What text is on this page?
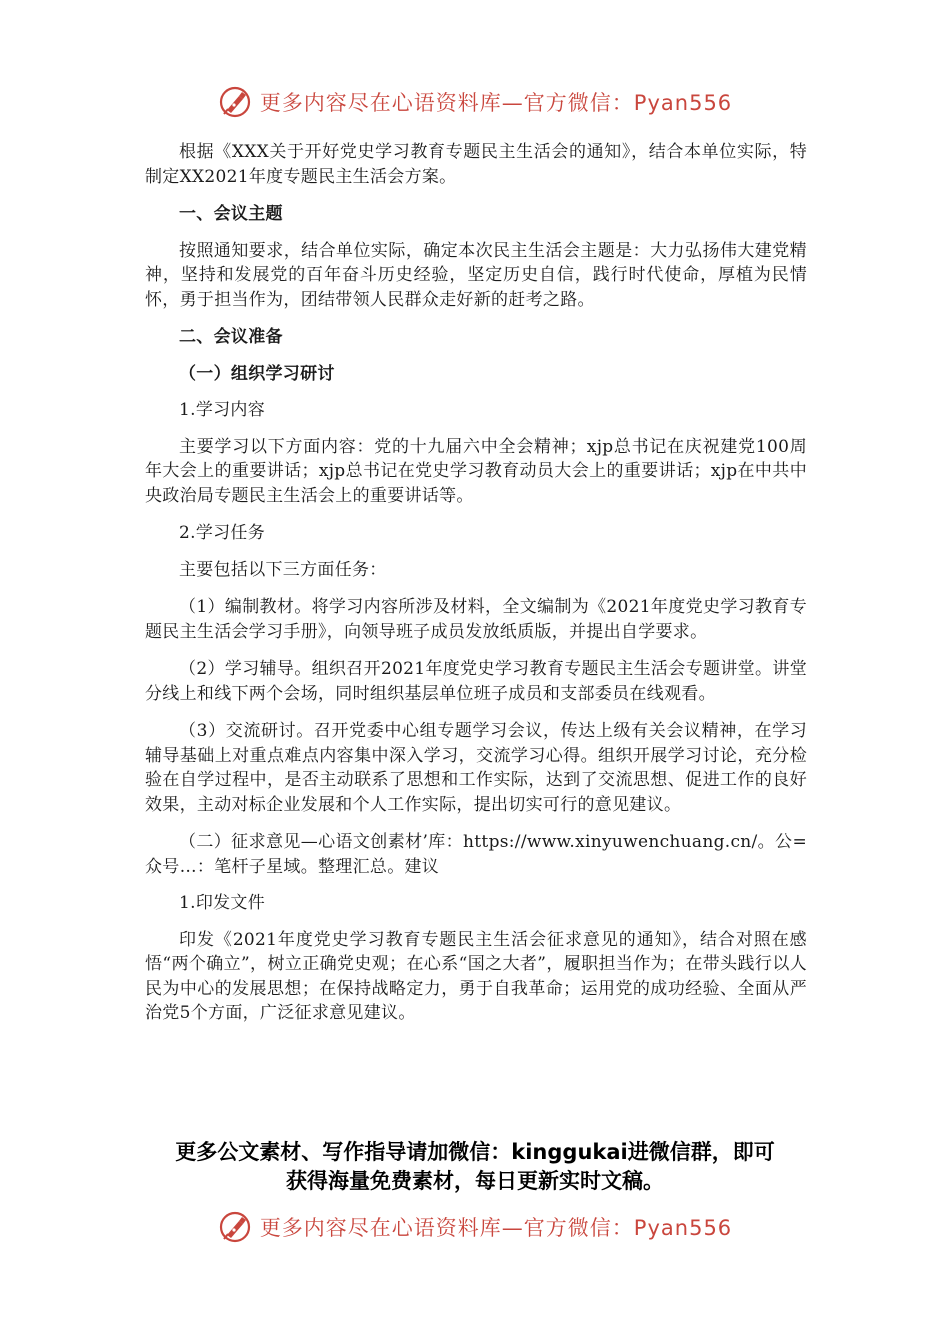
更多内容尽在心语资料库—官方微信：Pyan556

根据《XXX关于开好党史学习教育专题民主生活会的通知》，结合本单位实际，特制定XX2021年度专题民主生活会方案。

一、会议主题

按照通知要求，结合单位实际，确定本次民主生活会主题是：大力弘扬伟大建党精神，坚持和发展党的百年奋斗历史经验，坚定历史自信，践行时代使命，厚植为民情怀，勇于担当作为，团结带领人民群众走好新的赶考之路。

二、会议准备

（一）组织学习研讨

1.学习内容

主要学习以下方面内容：党的十九届六中全会精神；xjp总书记在庆祝建党100周年大会上的重要讲话；xjp总书记在党史学习教育动员大会上的重要讲话；xjp在中共中央政治局专题民主生活会上的重要讲话等。

2.学习任务

主要包括以下三方面任务：

（1）编制教材。将学习内容所涉及材料，全文编制为《2021年度党史学习教育专题民主生活会学习手册》，向领导班子成员发放纸质版，并提出自学要求。

（2）学习辅导。组织召开2021年度党史学习教育专题民主生活会专题讲堂。讲堂分线上和线下两个会场，同时组织基层单位班子成员和支部委员在线观看。

（3）交流研讨。召开党委中心组专题学习会议，传达上级有关会议精神，在学习辅导基础上对重点难点内容集中深入学习，交流学习心得。组织开展学习讨论，充分检验在自学过程中，是否主动联系了思想和工作实际，达到了交流思想、促进工作的良好效果，主动对标企业发展和个人工作实际，提出切实可行的意见建议。

（二）征求意见—心语文创素材’库：https://www.xinyuwenchuang.cn/。公=众号…：笔杆子星域。整理汇总。建议

1.印发文件

印发《2021年度党史学习教育专题民主生活会征求意见的通知》，结合对照在感悟“两个确立”，树立正确党史观；在心系“国之大者”，履职担当作为；在带头践行以人民为中心的发展思想；在保持战略定力，勇于自我革命；运用党的成功经验、全面从严治党5个方面，广泛征求意见建议。

更多公文素材、写作指导请加微信：kinggukai进微信群，即可
获得海量免费素材，每日更新实时文稿。
更多内容尽在心语资料库—官方微信：Pyan556
